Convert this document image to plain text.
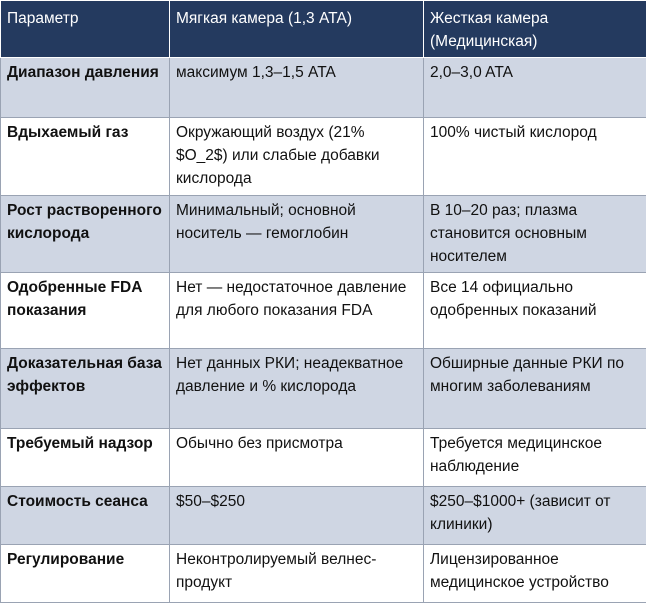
Параметр	Мягкая камера (1,3 ATA)	Жесткая камера (Медицинская)
Диапазон давления	максимум 1,3–1,5 ATA	2,0–3,0 ATA
Вдыхаемый газ	Окружающий воздух (21% $O_2$) или слабые добавки кислорода	100% чистый кислород
Рост растворенного кислорода	Минимальный; основной носитель — гемоглобин	В 10–20 раз; плазма становится основным носителем
Одобренные FDA показания	Нет — недостаточное давление для любого показания FDA	Все 14 официально одобренных показаний
Доказательная база эффектов	Нет данных РКИ; неадекватное давление и % кислорода	Обширные данные РКИ по многим заболеваниям
Требуемый надзор	Обычно без присмотра	Требуется медицинское наблюдение
Стоимость сеанса	$50–$250	$250–$1000+ (зависит от клиники)
Регулирование	Неконтролируемый велнес-продукт	Лицензированное медицинское устройство
